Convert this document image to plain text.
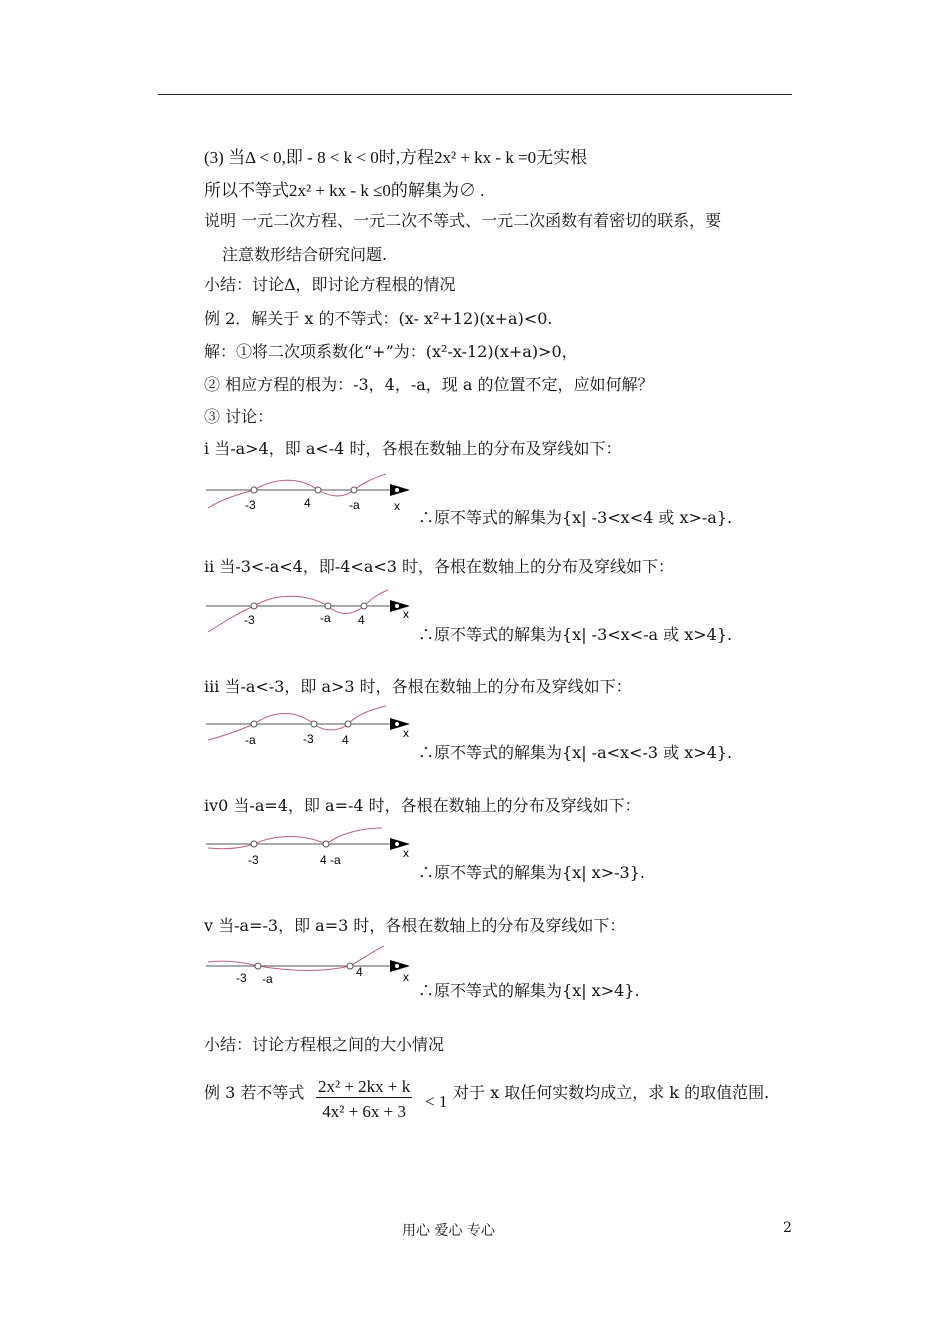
(3) 当Δ < 0,即 - 8 < k < 0时,方程2x² + kx - k =0无实根
所以不等式2x² + kx - k ≤0的解集为∅ .
说明 一元二次方程、一元二次不等式、一元二次函数有着密切的联系，要
注意数形结合研究问题.
小结：讨论Δ，即讨论方程根的情况
例 2．解关于 x 的不等式：(x- x²+12)(x+a)<0.
解：①将二次项系数化“+”为：(x²-x-12)(x+a)>0，
② 相应方程的根为：-3，4，-a，现 a 的位置不定，应如何解？
③ 讨论：
ⅰ 当-a>4，即 a<-4 时，各根在数轴上的分布及穿线如下：
-3	4	-a	x
∴原不等式的解集为{x| -3<x<4 或 x>-a}.
ⅱ 当-3<-a<4，即-4<a<3 时，各根在数轴上的分布及穿线如下：
-3	-a 4	x
∴原不等式的解集为{x| -3<x<-a 或 x>4}.
ⅲ 当-a<-3，即 a>3 时，各根在数轴上的分布及穿线如下：
-a	-3 4	x
∴原不等式的解集为{x| -a<x<-3 或 x>4}.
ⅳ0 当-a=4，即 a=-4 时，各根在数轴上的分布及穿线如下：
-3	4 -a	x
∴原不等式的解集为{x| x>-3}.
ⅴ 当-a=-3，即 a=3 时，各根在数轴上的分布及穿线如下：
-3 -a	4	x
∴原不等式的解集为{x| x>4}.
小结：讨论方程根之间的大小情况
例 3 若不等式 $\frac{\text{2x² + 2kx + k}}{\text{4x² + 6x + 3}} < 1$ 对于 x 取任何实数均成立，求 k 的取值范围.
用心 爱心 专心	2
